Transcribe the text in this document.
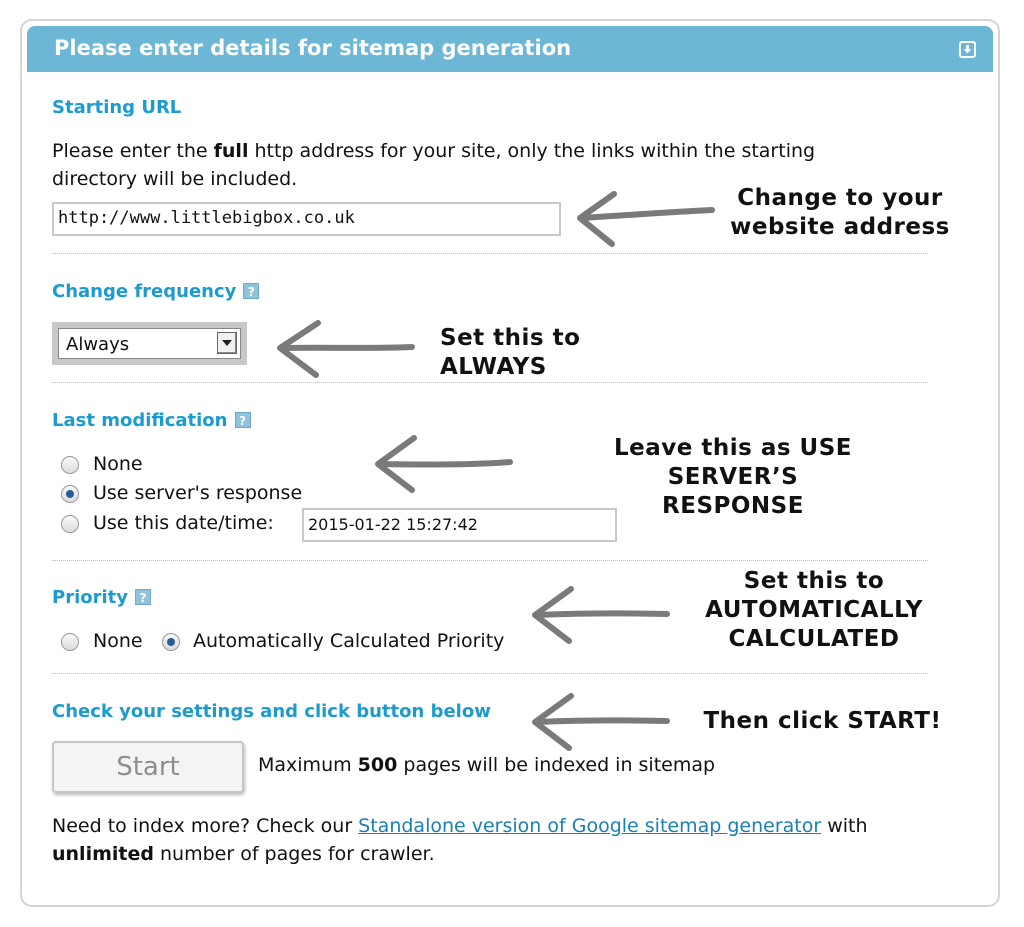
Please enter details for sitemap generation
Starting URL
Please enter the full http address for your site, only the links within the starting
directory will be included.
http://www.littlebigbox.co.uk
Change frequency ?
Always
Last modification ?
None
Use server's response
Use this date/time:	2015-01-22 15:27:42
Priority ?
None	Automatically Calculated Priority
Check your settings and click button below
Start	Maximum 500 pages will be indexed in sitemap
Need to index more? Check our Standalone version of Google sitemap generator with
unlimited number of pages for crawler.
Change to your
website address
Set this to ALWAYS
Leave this as USE SERVER’S
RESPONSE
Set this to
AUTOMATICALLY
CALCULATED
Then click START!
